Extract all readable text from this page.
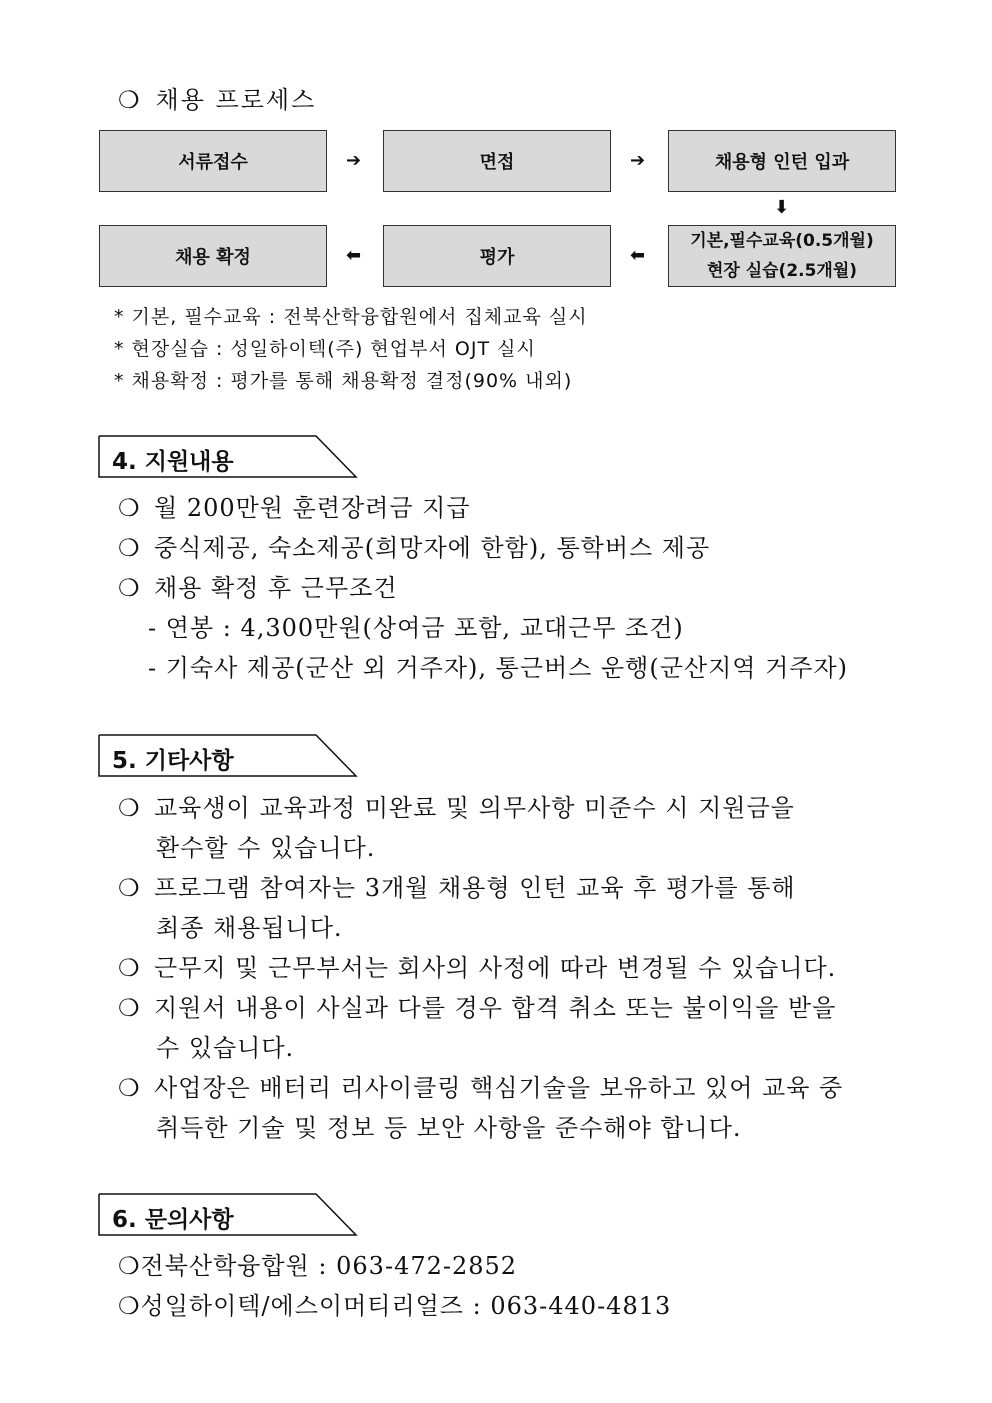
❍ 채용 프로세스
서류접수	➔	면접	➔	채용형 인턴 입과
⬇
채용 확정	⬅	평가	⬅
기본,필수교육(0.5개월)
현장 실습(2.5개월)
* 기본, 필수교육 : 전북산학융합원에서 집체교육 실시
* 현장실습 : 성일하이텍(주) 현업부서 OJT 실시
* 채용확정 : 평가를 통해 채용확정 결정(90% 내외)
4. 지원내용
❍ 월 200만원 훈련장려금 지급
❍ 중식제공, 숙소제공(희망자에 한함), 통학버스 제공
❍ 채용 확정 후 근무조건
- 연봉 : 4,300만원(상여금 포함, 교대근무 조건)
- 기숙사 제공(군산 외 거주자), 통근버스 운행(군산지역 거주자)
5. 기타사항
❍ 교육생이 교육과정 미완료 및 의무사항 미준수 시 지원금을
환수할 수 있습니다.
❍ 프로그램 참여자는 3개월 채용형 인턴 교육 후 평가를 통해
최종 채용됩니다.
❍ 근무지 및 근무부서는 회사의 사정에 따라 변경될 수 있습니다.
❍ 지원서 내용이 사실과 다를 경우 합격 취소 또는 불이익을 받을
수 있습니다.
❍ 사업장은 배터리 리사이클링 핵심기술을 보유하고 있어 교육 중
취득한 기술 및 정보 등 보안 사항을 준수해야 합니다.
6. 문의사항
❍전북산학융합원 : 063-472-2852
❍성일하이텍/에스이머티리얼즈 : 063-440-4813
